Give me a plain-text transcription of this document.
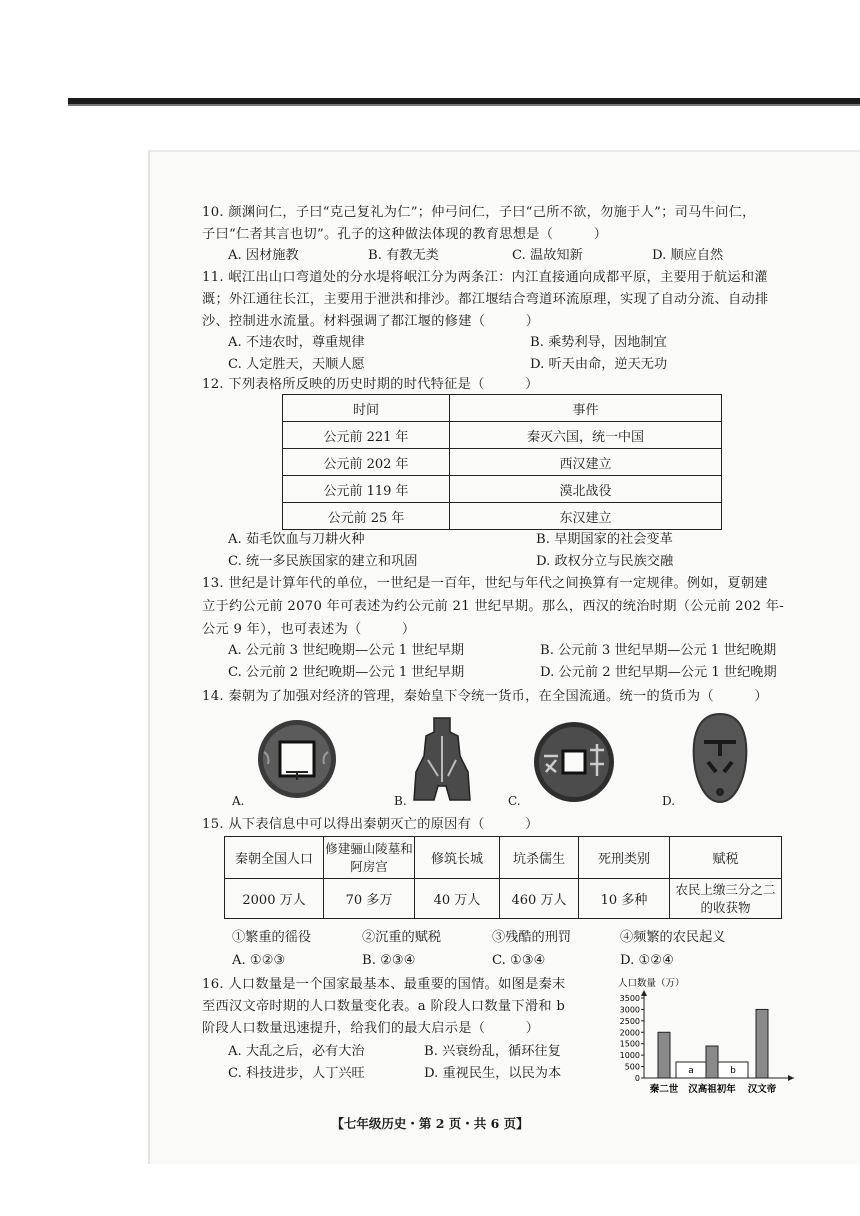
10. 颜渊问仁，子曰“克己复礼为仁”；仲弓问仁，子曰“己所不欲，勿施于人”；司马牛问仁，
子曰“仁者其言也切”。孔子的这种做法体现的教育思想是（　　　）
A. 因材施教	B. 有教无类	C. 温故知新	D. 顺应自然
11. 岷江出山口弯道处的分水堤将岷江分为两条江：内江直接通向成都平原，主要用于航运和灌
溉；外江通往长江，主要用于泄洪和排沙。都江堰结合弯道环流原理，实现了自动分流、自动排
沙、控制进水流量。材料强调了都江堰的修建（　　　）
A. 不违农时，尊重规律	B. 乘势利导，因地制宜
C. 人定胜天，天顺人愿	D. 听天由命，逆天无功
12. 下列表格所反映的历史时期的时代特征是（　　　）
时间	事件
公元前 221 年	秦灭六国，统一中国
公元前 202 年	西汉建立
公元前 119 年	漠北战役
公元前 25 年	东汉建立
A. 茹毛饮血与刀耕火种	B. 早期国家的社会变革
C. 统一多民族国家的建立和巩固	D. 政权分立与民族交融
13. 世纪是计算年代的单位，一世纪是一百年，世纪与年代之间换算有一定规律。例如，夏朝建
立于约公元前 2070 年可表述为约公元前 21 世纪早期。那么，西汉的统治时期（公元前 202 年-
公元 9 年），也可表述为（　　　）
A. 公元前 3 世纪晚期—公元 1 世纪早期	B. 公元前 3 世纪早期—公元 1 世纪晚期
C. 公元前 2 世纪晚期—公元 1 世纪早期	D. 公元前 2 世纪早期—公元 1 世纪晚期
14. 秦朝为了加强对经济的管理，秦始皇下令统一货币，在全国流通。统一的货币为（　　　）
A.	B.	C.	D.
15. 从下表信息中可以得出秦朝灭亡的原因有（　　　）
秦朝全国人口	修建骊山陵墓和阿房宫	修筑长城	坑杀儒生	死刑类别	赋税
2000 万人	70 多万	40 万人	460 万人	10 多种	农民上缴三分之二的收获物
①繁重的徭役	②沉重的赋税	③残酷的刑罚	④频繁的农民起义
A. ①②③	B. ②③④	C. ①③④	D. ①②④
16. 人口数量是一个国家最基本、最重要的国情。如图是秦末
至西汉文帝时期的人口数量变化表。a 阶段人口数量下滑和 b
阶段人口数量迅速提升，给我们的最大启示是（　　　）
A. 大乱之后，必有大治	B. 兴衰纷乱，循环往复
C. 科技进步，人丁兴旺	D. 重视民生，以民为本
人口数量（万）
3500
3000
2500
2000
1500
1000
500
0
a	b
秦二世 汉高祖初年 汉文帝
【七年级历史・第 2 页・共 6 页】
